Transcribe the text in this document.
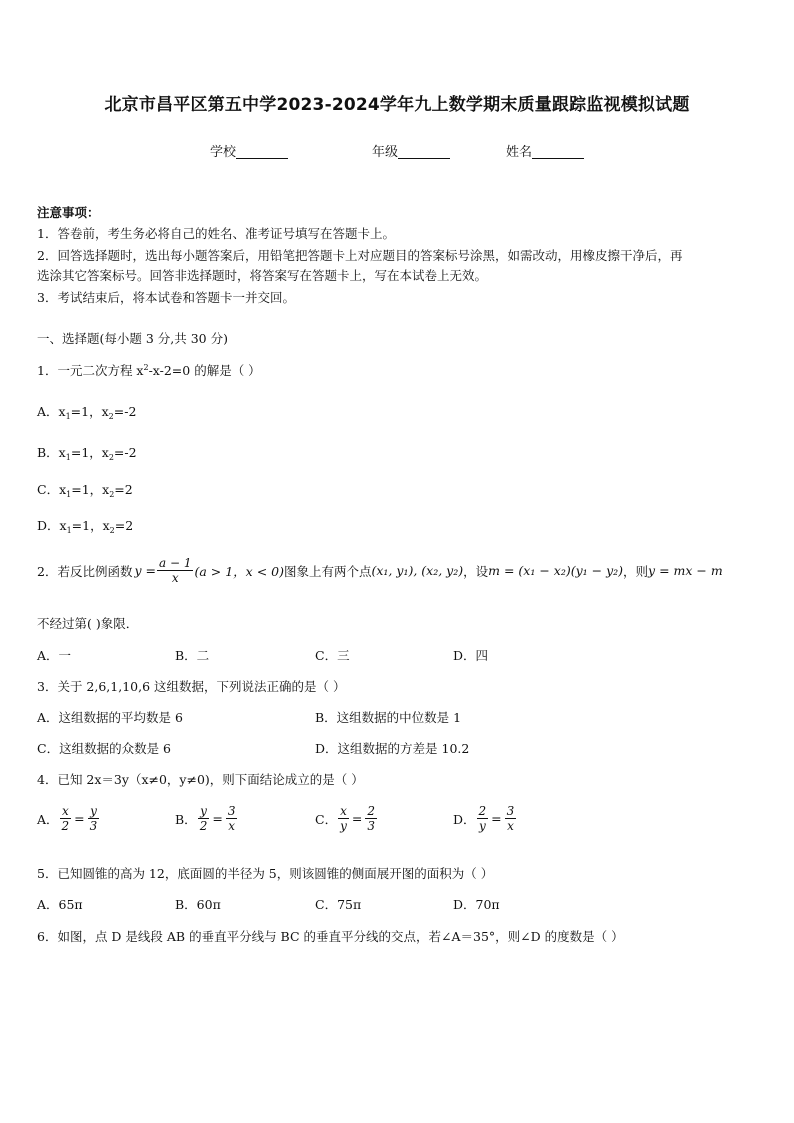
北京市昌平区第五中学2023-2024学年九上数学期末质量跟踪监视模拟试题
学校	年级	姓名
注意事项：
1．答卷前，考生务必将自己的姓名、准考证号填写在答题卡上。
2．回答选择题时，选出每小题答案后，用铅笔把答题卡上对应题目的答案标号涂黑，如需改动，用橡皮擦干净后，再
选涂其它答案标号。回答非选择题时，将答案写在答题卡上，写在本试卷上无效。
3．考试结束后，将本试卷和答题卡一并交回。
一、选择题(每小题 3 分,共 30 分)
1．一元二次方程 $x^2-x-2=0$ 的解是（ ）
A．$x_1=1$，$x_2=-2$
B．$x_1=1$，$x_2=-2$
C．$x_1=1$，$x_2=2$
D．$x_1=1$，$x_2=2$
2．若反比例函数 $y = \frac{a - 1}{x} (a > 1$，x < 0) 图象上有两个点 (x₁, y₁), (x₂, y₂) ，设 m = (x₁ − x₂)(y₁ − y₂) ，则 y = mx − m
不经过第( )象限．
A．一	B．二	C．三	D．四
3．关于 2,6,1,10,6 这组数据，下列说法正确的是（ ）
A．这组数据的平均数是 6	B．这组数据的中位数是 1
C．这组数据的众数是 6	D．这组数据的方差是 10.2
4．已知 2x＝3y（x≠0，y≠0)，则下面结论成立的是（ ）
A． $\frac{x}{2} = \frac{y}{3}$	B． $\frac{y}{2} = \frac{3}{x}$	C． $\frac{x}{y} = \frac{2}{3}$	D． $\frac{2}{y} = \frac{3}{x}$
5．已知圆锥的高为 12，底面圆的半径为 5，则该圆锥的侧面展开图的面积为（ ）
A．65π	B．60π	C．75π	D．70π
6．如图，点 D 是线段 AB 的垂直平分线与 BC 的垂直平分线的交点，若∠A＝35°，则∠D 的度数是（ ）
